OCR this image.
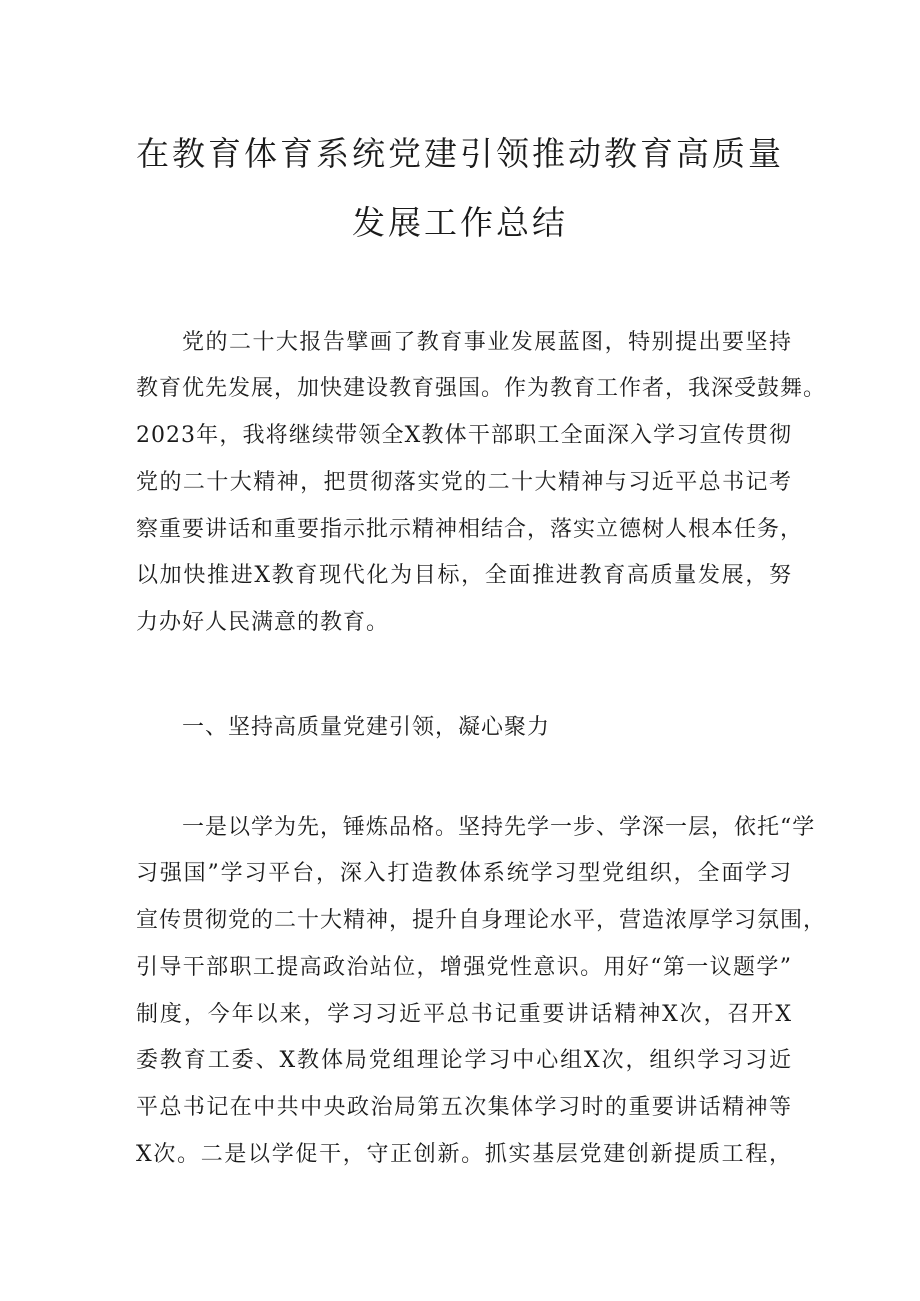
在教育体育系统党建引领推动教育高质量
发展工作总结
党的二十大报告擘画了教育事业发展蓝图，特别提出要坚持
教育优先发展，加快建设教育强国。作为教育工作者，我深受鼓舞。
2023年，我将继续带领全X教体干部职工全面深入学习宣传贯彻
党的二十大精神，把贯彻落实党的二十大精神与习近平总书记考
察重要讲话和重要指示批示精神相结合，落实立德树人根本任务，
以加快推进X教育现代化为目标，全面推进教育高质量发展，努
力办好人民满意的教育。
一、坚持高质量党建引领，凝心聚力
一是以学为先，锤炼品格。坚持先学一步、学深一层，依托“学
习强国”学习平台，深入打造教体系统学习型党组织，全面学习
宣传贯彻党的二十大精神，提升自身理论水平，营造浓厚学习氛围，
引导干部职工提高政治站位，增强党性意识。用好“第一议题学”
制度，今年以来，学习习近平总书记重要讲话精神X次，召开X
委教育工委、X教体局党组理论学习中心组X次，组织学习习近
平总书记在中共中央政治局第五次集体学习时的重要讲话精神等
X次。二是以学促干，守正创新。抓实基层党建创新提质工程，
